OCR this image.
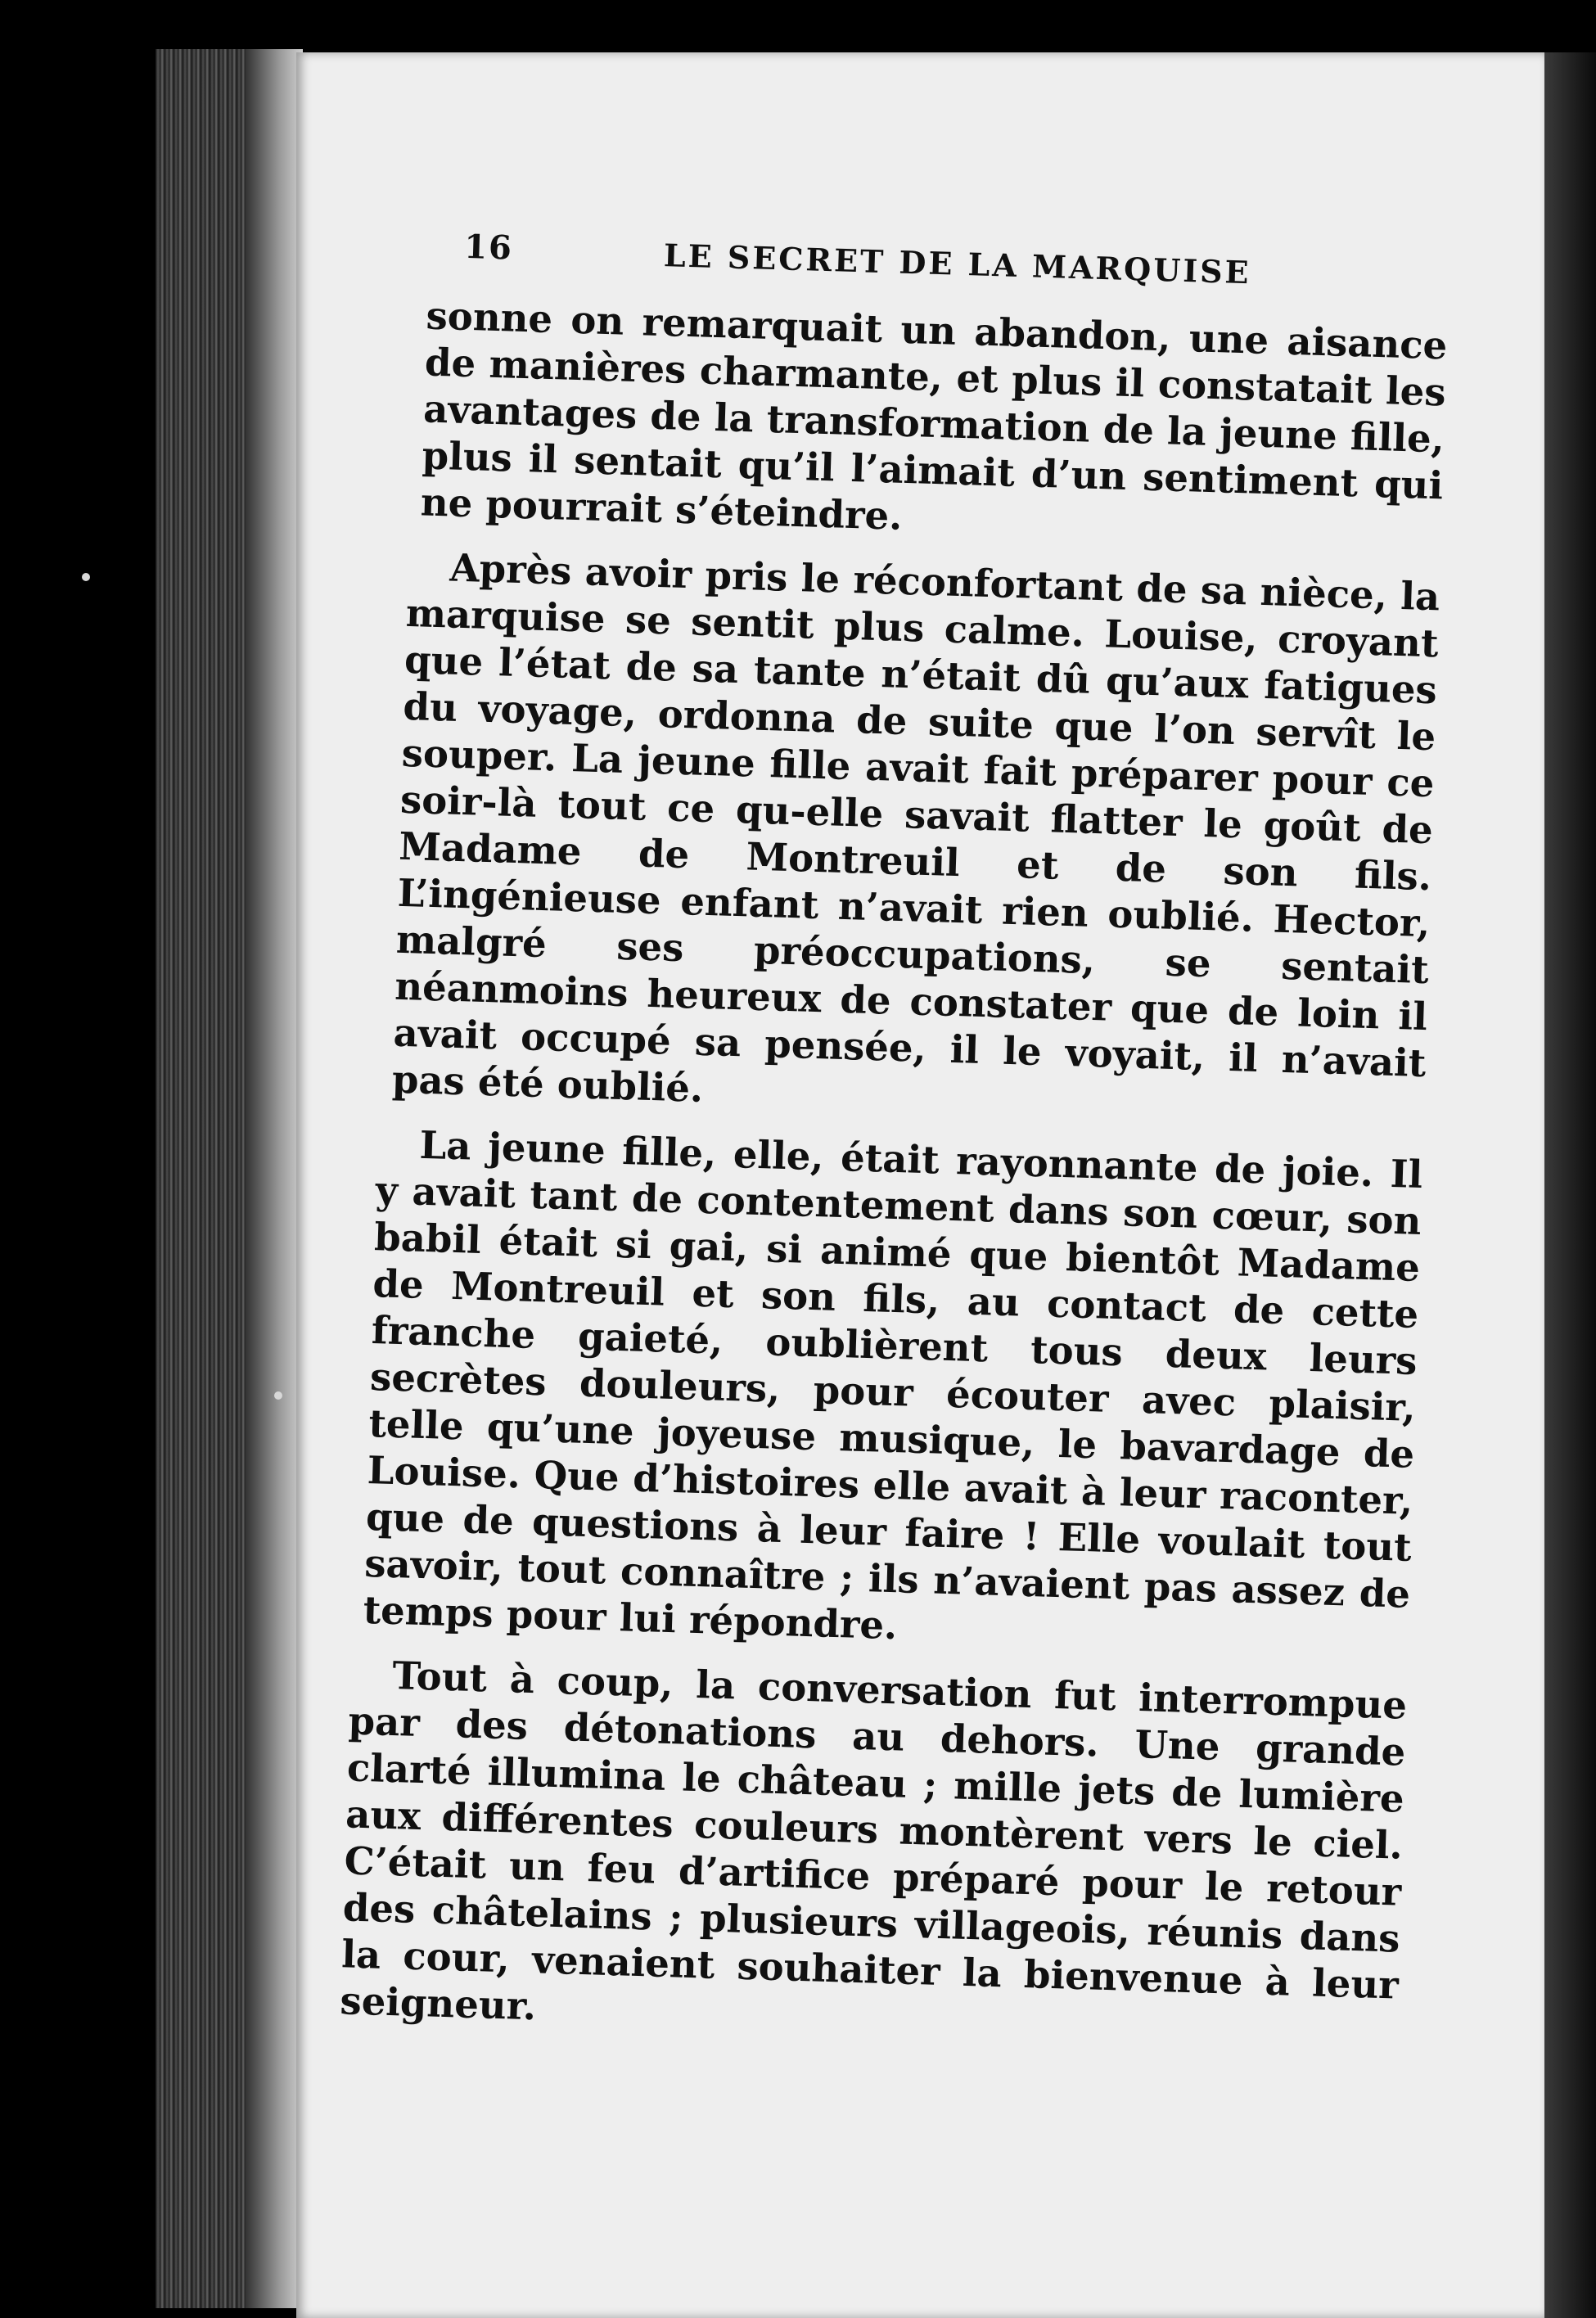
16	LE SECRET DE LA MARQUISE

sonne on remarquait un abandon, une aisance de manières charmante, et plus il constatait les avantages de la transformation de la jeune fille, plus il sentait qu’il l’aimait d’un sentiment qui ne pourrait s’éteindre.

Après avoir pris le réconfortant de sa nièce, la marquise se sentit plus calme. Louise, croyant que l’état de sa tante n’était dû qu’aux fatigues du voyage, ordonna de suite que l’on servît le souper. La jeune fille avait fait préparer pour ce soir-là tout ce qu-elle savait flatter le goût de Madame de Montreuil et de son fils. L’ingénieuse enfant n’avait rien oublié. Hector, malgré ses préoccupations, se sentait néanmoins heureux de constater que de loin il avait occupé sa pensée, il le voyait, il n’avait pas été oublié.

La jeune fille, elle, était rayonnante de joie. Il y avait tant de contentement dans son cœur, son babil était si gai, si animé que bientôt Madame de Montreuil et son fils, au contact de cette franche gaieté, oublièrent tous deux leurs secrètes douleurs, pour écouter avec plaisir, telle qu’une joyeuse musique, le bavardage de Louise. Que d’histoires elle avait à leur raconter, que de questions à leur faire ! Elle voulait tout savoir, tout connaître ; ils n’avaient pas assez de temps pour lui répondre.

Tout à coup, la conversation fut interrompue par des détonations au dehors. Une grande clarté illumina le château ; mille jets de lumière aux différentes couleurs montèrent vers le ciel. C’était un feu d’artifice préparé pour le retour des châtelains ; plusieurs villageois, réunis dans la cour, venaient souhaiter la bienvenue à leur seigneur.
